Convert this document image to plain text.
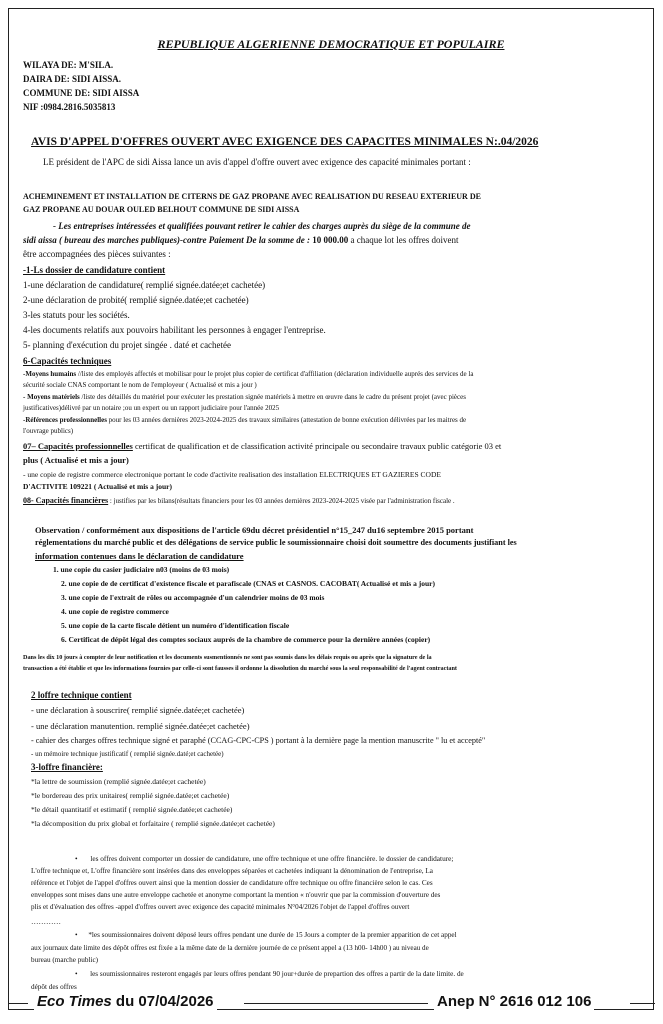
REPUBLIQUE ALGERIENNE DEMOCRATIQUE ET POPULAIRE
WILAYA DE: M'SILA.
DAIRA DE: SIDI AISSA.
COMMUNE DE: SIDI AISSA
NIF :0984.2816.5035813
AVIS D'APPEL D'OFFRES OUVERT AVEC EXIGENCE DES CAPACITES MINIMALES N:.04/2026
LE président de l'APC de sidi Aissa lance un avis d'appel d'offre ouvert avec exigence des capacité minimales portant :
ACHEMINEMENT ET INSTALLATION DE CITERNS DE GAZ PROPANE AVEC REALISATION DU RESEAU EXTERIEUR DE
GAZ PROPANE AU DOUAR OULED BELHOUT COMMUNE DE SIDI AISSA
- Les entreprises intéressées et qualifiées pouvant retirer le cahier des charges auprès du siège de la commune de
sidi aissa ( bureau des marches publiques)-contre Paiement De la somme de : 10 000.00 a chaque lot les offres doivent
être accompagnées des pièces suivantes :
-1-Ls dossier de candidature contient
1-une déclaration de candidature( remplié signée.datée;et cachetée)
2-une déclaration de probité( remplié signée.datée;et cachetée)
3-les statuts pour les sociétés.
4-les documents relatifs aux pouvoirs habilitant les personnes à engager l'entreprise.
5- planning d'exécution du projet singée . daté et cachetée
6-Capacités techniques
-Moyens humains //liste des employés affectés et mobilisar pour le projet plus copier de certificat d'affiliation (déclaration individuelle auprés des services de la
sécurité sociale CNAS comportant le nom de l'employeur ( Actualisé et mis a jour )
- Moyens matériels /liste des détaillés du matériel pour exécuter les prestation signée matériels à mettre en œuvre dans le cadre du présent projet (avec pièces
justificatives)délivré par un notaire ;ou un expert ou un rapport judiciaire pour l'année 2025
-Références professionnelles pour les 03 années dernières 2023-2024-2025 des travaux similaires (attestation de bonne exécution délivrées par les maitres de
l'ouvrage publics)
07– Capacités professionnelles certificat de qualification et de classification activité principale ou secondaire travaux public catégorie 03 et
plus ( Actualisé et mis a jour)
- une copie de registre commerce electronique portant le code d'activite realisation des installation ELECTRIQUES ET GAZIERES CODE
D'ACTIVITE 109221 ( Actualisé et mis a jour)
08- Capacités financières : justifies par les bilans(résultats financiers pour les 03 années dernières 2023-2024-2025 visée par l'administration fiscale .
Observation / conformément aux dispositions de l'article 69du décret présidentiel n°15_247 du16 septembre 2015 portant
réglementations du marché public et des délégations de service public le soumissionnaire choisi doit soumettre des documents justifiant les
information contenues dans le déclaration de candidature
1. une copie du casier judiciaire n03 (moins de 03 mois)
2. une copie de de certificat d'existence fiscale et parafiscale (CNAS et CASNOS. CACOBAT( Actualisé et mis a jour)
3. une copie de l'extrait de rôles ou accompagnée d'un calendrier moins de 03 mois
4. une copie de registre commerce
5. une copie de la carte fiscale détient un numéro d'identification fiscale
6. Certificat de dépôt légal des comptes sociaux auprés de la chambre de commerce pour la dernière années (copier)
Dans les dix 10 jours à compter de leur notification et les documents susmentionnés ne sont pas soumis dans les délais requis ou après que la signature de la
transaction a été établie et que les informations fournies par celle-ci sont fausses il ordonne la dissolution du marché sous la seul responsabilité de l'agent contractant
2 loffre technique contient
- une déclaration à souscrire( remplié signée.datée;et cachetée)
- une déclaration manutention. remplié signée.datée;et cachetée)
- cahier des charges offres technique signé et paraphé (CCAG-CPC-CPS ) portant à la dernière page la mention manuscrite " lu et accepté"
- un mémoire technique justificatif ( remplié signée.daté;et cachetée)
3-loffre financière:
*la lettre de soumission (remplié signée.datée;et cachetée)
*le bordereau des prix unitaires( remplié signée.datée;et cachetée)
*le détail quantitatif et estimatif ( remplié signée.datée;et cachetée)
*la décomposition du prix global et forfaitaire ( remplié signée.datée;et cachetée)
•       les offres doivent comporter un dossier de candidature, une offre technique et une offre financière. le dossier de candidature;
L'offre technique et, L'offre financière sont insérées dans des enveloppes séparées et cachetées indiquant la dénomination de l'entreprise, La
référence et l'objet de l'appel d'offres ouvert ainsi que la mention dossier de candidature offre technique ou offre financière selon le cas. Ces
enveloppes sont mises dans une autre enveloppe cachetée et anonyme comportant la mention « n'ouvrir que par la commission d'ouverture des
plis et d'évaluation des offres -appel d'offres ouvert avec exigence des capacité minimales N°04/2026 l'objet de l'appel d'offres ouvert
…………
•      *les soumissionnaires doivent déposé leurs offres pendant une durée de 15 Jours a compter de la premier apparition de cet appel
aux journaux date limite des dépôt offres est fixée a la même date de la dernière journée de ce présent appel a (13 h00- 14h00 ) au niveau de
bureau (marche public)
•       les soumissionnaires resteront engagés par leurs offres pendant 90 jour+durée de prepartion des offres a partir de la date limite. de
dépôt des offres
Eco Times du 07/04/2026	Anep N° 2616 012 106
